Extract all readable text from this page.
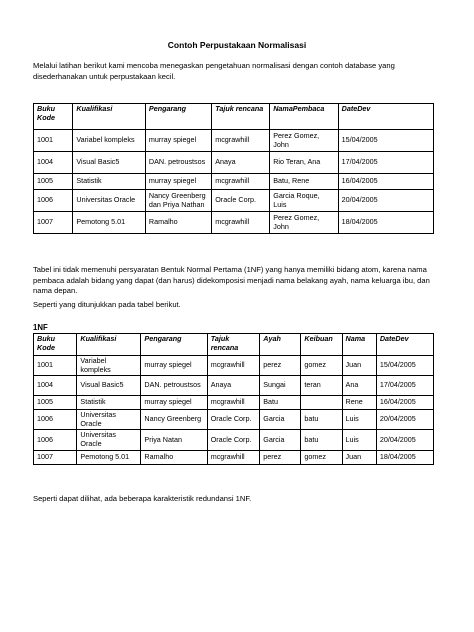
Contoh Perpustakaan Normalisasi
Melalui latihan berikut kami mencoba menegaskan pengetahuan normalisasi dengan contoh database yang disederhanakan untuk perpustakaan kecil.
Buku Kode	Kualifikasi	Pengarang	Tajuk rencana	NamaPembaca	DateDev
1001	Variabel kompleks	murray spiegel	mcgrawhill	Perez Gomez, John	15/04/2005
1004	Visual Basic5	DAN. petroustsos	Anaya	Rio Teran, Ana	17/04/2005
1005	Statistik	murray spiegel	mcgrawhill	Batu, Rene	16/04/2005
1006	Universitas Oracle	Nancy Greenberg dan Priya Nathan	Oracle Corp.	Garcia Roque, Luis	20/04/2005
1007	Pemotong 5.01	Ramalho	mcgrawhill	Perez Gomez, John	18/04/2005
Tabel ini tidak memenuhi persyaratan Bentuk Normal Pertama (1NF) yang hanya memiliki bidang atom, karena nama pembaca adalah bidang yang dapat (dan harus) didekomposisi menjadi nama belakang ayah, nama keluarga ibu, dan nama depan.
Seperti yang ditunjukkan pada tabel berikut.
1NF
Buku Kode	Kualifikasi	Pengarang	Tajuk rencana	Ayah	Keibuan	Nama	DateDev
1001	Variabel kompleks	murray spiegel	mcgrawhill	perez	gomez	Juan	15/04/2005
1004	Visual Basic5	DAN. petroustsos	Anaya	Sungai	teran	Ana	17/04/2005
1005	Statistik	murray spiegel	mcgrawhill	Batu		Rene	16/04/2005
1006	Universitas Oracle	Nancy Greenberg	Oracle Corp.	Garcia	batu	Luis	20/04/2005
1006	Universitas Oracle	Priya Natan	Oracle Corp.	Garcia	batu	Luis	20/04/2005
1007	Pemotong 5.01	Ramalho	mcgrawhill	perez	gomez	Juan	18/04/2005
Seperti dapat dilihat, ada beberapa karakteristik redundansi 1NF.
